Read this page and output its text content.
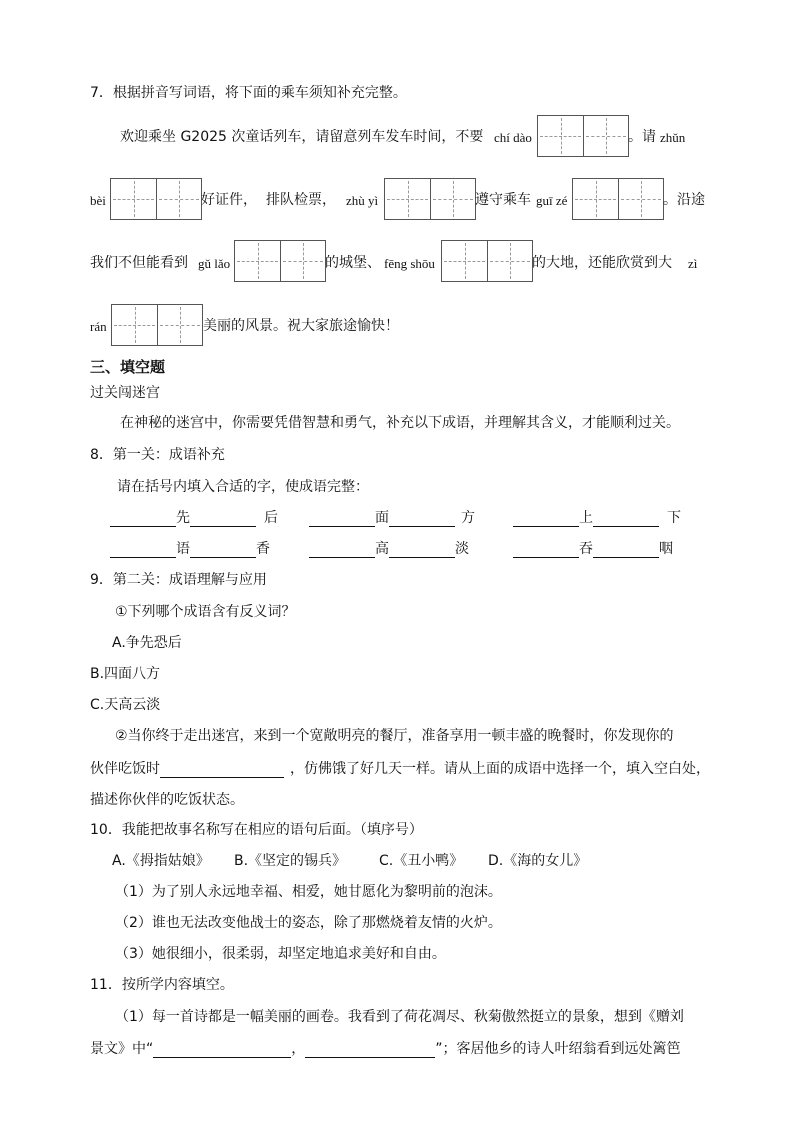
7．根据拼音写词语，将下面的乘车须知补充完整。
欢迎乘坐 G2025 次童话列车，请留意列车发车时间，不要 chí dào	。请 zhǔn
bèi	好证件， 排队检票， zhù yì	遵守乘车 guī zé	。沿途
我们不但能看到 gǔ lǎo	的城堡、 fēng shōu	的大地，还能欣赏到大 zì
rán	美丽的风景。祝大家旅途愉快！
三、填空题
过关闯迷宫
在神秘的迷宫中，你需要凭借智慧和勇气，补充以下成语，并理解其含义，才能顺利过关。
8．第一关：成语补充
请在括号内填入合适的字，使成语完整：
先	后	面	方	上	下
语	香	高	淡	吞	咽
9．第二关：成语理解与应用
①下列哪个成语含有反义词？
A.争先恐后
B.四面八方
C.天高云淡
②当你终于走出迷宫，来到一个宽敞明亮的餐厅，准备享用一顿丰盛的晚餐时，你发现你的
伙伴吃饭时	，仿佛饿了好几天一样。请从上面的成语中选择一个，填入空白处，
描述你伙伴的吃饭状态。
10．我能把故事名称写在相应的语句后面。（填序号）
A.《拇指姑娘》 B.《坚定的锡兵》 C.《丑小鸭》 D.《海的女儿》
（1）为了别人永远地幸福、相爱，她甘愿化为黎明前的泡沫。
（2）谁也无法改变他战士的姿态，除了那燃烧着友情的火炉。
（3）她很细小，很柔弱，却坚定地追求美好和自由。
11．按所学内容填空。
（1）每一首诗都是一幅美丽的画卷。我看到了荷花凋尽、秋菊傲然挺立的景象，想到《赠刘
景文》中“	，	”；客居他乡的诗人叶绍翁看到远处篱笆
